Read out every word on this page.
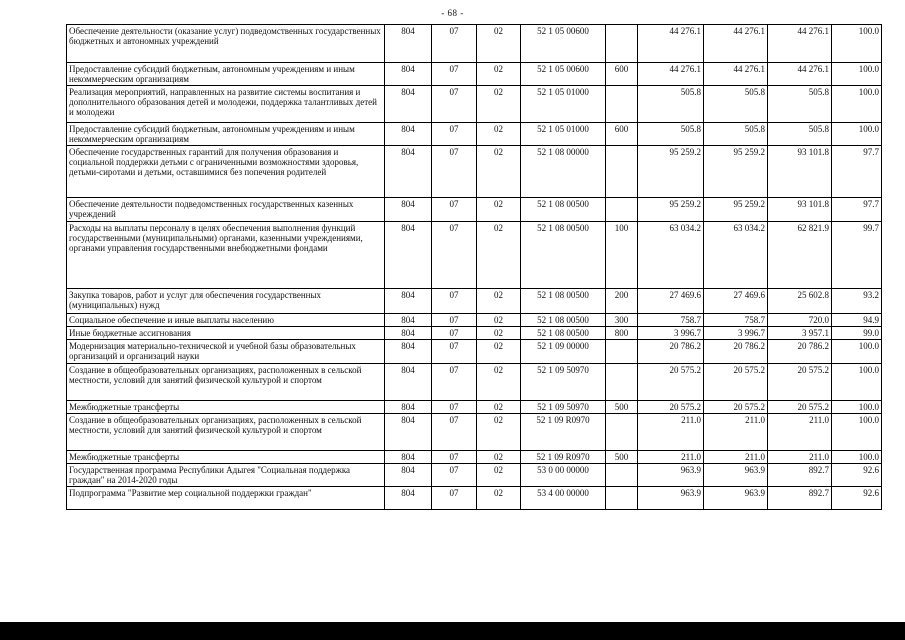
- 68 -
Обеспечение деятельности (оказание услуг) подведомственных государственных бюджетных и автономных учреждений	804	07	02	52 1 05 00600		44 276.1	44 276.1	44 276.1	100.0
Предоставление субсидий бюджетным, автономным учреждениям и иным некоммерческим организациям	804	07	02	52 1 05 00600	600	44 276.1	44 276.1	44 276.1	100.0
Реализация мероприятий, направленных на развитие системы воспитания и дополнительного образования детей и молодежи, поддержка талантливых детей и молодежи	804	07	02	52 1 05 01000		505.8	505.8	505.8	100.0
Предоставление субсидий бюджетным, автономным учреждениям и иным некоммерческим организациям	804	07	02	52 1 05 01000	600	505.8	505.8	505.8	100.0
Обеспечение государственных гарантий для получения образования и социальной поддержки детьми с ограниченными возможностями здоровья, детьми-сиротами и детьми, оставшимися без попечения родителей	804	07	02	52 1 08 00000		95 259.2	95 259.2	93 101.8	97.7
Обеспечение деятельности подведомственных государственных казенных учреждений	804	07	02	52 1 08 00500		95 259.2	95 259.2	93 101.8	97.7
Расходы на выплаты персоналу в целях обеспечения выполнения функций государственными (муниципальными) органами, казенными учреждениями, органами управления государственными внебюджетными фондами	804	07	02	52 1 08 00500	100	63 034.2	63 034.2	62 821.9	99.7
Закупка товаров, работ и услуг для обеспечения государственных (муниципальных) нужд	804	07	02	52 1 08 00500	200	27 469.6	27 469.6	25 602.8	93.2
Социальное обеспечение и иные выплаты населению	804	07	02	52 1 08 00500	300	758.7	758.7	720.0	94.9
Иные бюджетные ассигнования	804	07	02	52 1 08 00500	800	3 996.7	3 996.7	3 957.1	99.0
Модернизация материально-технической и учебной базы образовательных организаций и организаций науки	804	07	02	52 1 09 00000		20 786.2	20 786.2	20 786.2	100.0
Создание в общеобразовательных организациях, расположенных в сельской местности, условий для занятий физической культурой и спортом	804	07	02	52 1 09 50970		20 575.2	20 575.2	20 575.2	100.0
Межбюджетные трансферты	804	07	02	52 1 09 50970	500	20 575.2	20 575.2	20 575.2	100.0
Создание в общеобразовательных организациях, расположенных в сельской местности, условий для занятий физической культурой и спортом	804	07	02	52 1 09 R0970		211.0	211.0	211.0	100.0
Межбюджетные трансферты	804	07	02	52 1 09 R0970	500	211.0	211.0	211.0	100.0
Государственная программа Республики Адыгея "Социальная поддержка граждан" на 2014-2020 годы	804	07	02	53 0 00 00000		963.9	963.9	892.7	92.6
Подпрограмма "Развитие мер социальной поддержки граждан"	804	07	02	53 4 00 00000		963.9	963.9	892.7	92.6
